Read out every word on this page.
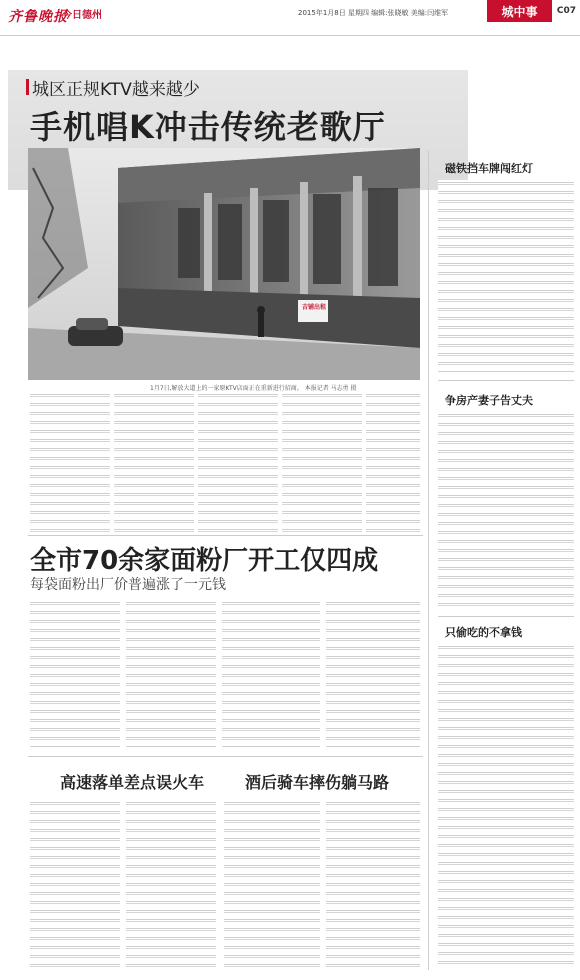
齐鲁晚报
今日德州	2015年1月8日 星期四 编辑:张晓敏 美编:闫维军	城中事	C07
城区正规KTV越来越少
手机唱K冲击传统老歌厅
吉铺出租
1月7日,解放大道上的一家原KTV店面正在重新进行招商。 本报记者 马志勇 摄
全市70余家面粉厂开工仅四成
每袋面粉出厂价普遍涨了一元钱
高速落单差点误火车	酒后骑车摔伤躺马路
磁铁挡车牌闯红灯
争房产妻子告丈夫
只偷吃的不拿钱
